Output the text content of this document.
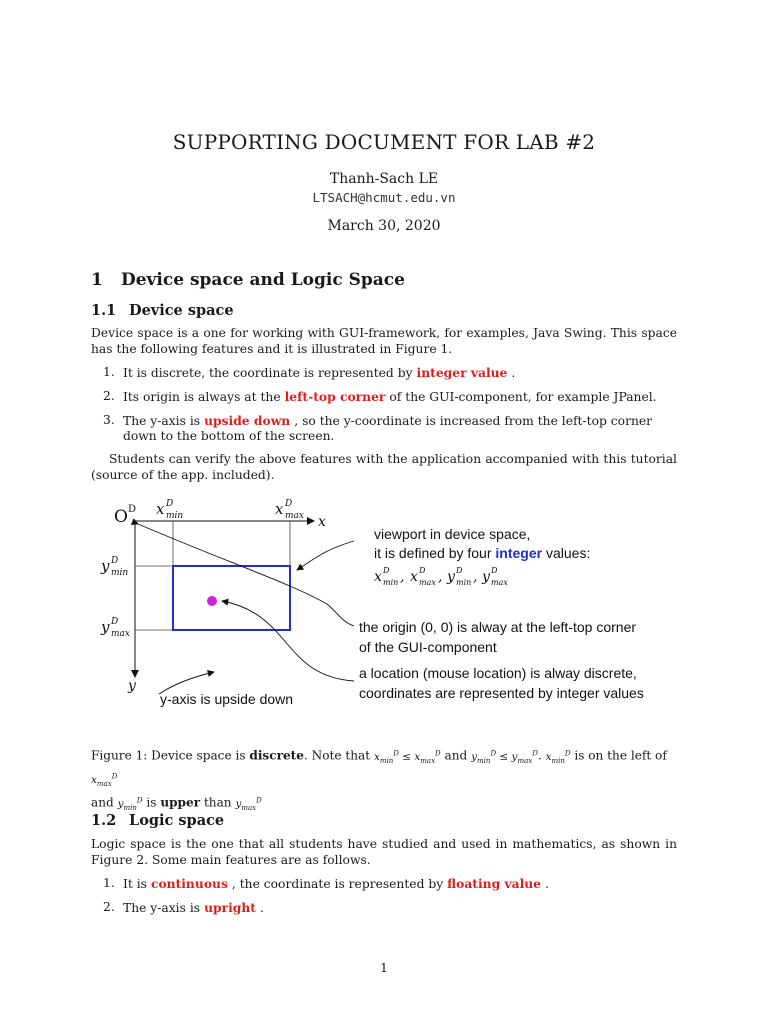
SUPPORTING DOCUMENT FOR LAB #2
Thanh-Sach LE
LTSACH@hcmut.edu.vn
March 30, 2020
1 Device space and Logic Space
1.1 Device space
Device space is a one for working with GUI-framework, for examples, Java Swing. This space has the following features and it is illustrated in Figure 1.
1. It is discrete, the coordinate is represented by integer value .
2. Its origin is always at the left-top corner of the GUI-component, for example JPanel.
3. The y-axis is upside down , so the y-coordinate is increased from the left-top corner down to the bottom of the screen.
Students can verify the above features with the application accompanied with this tutorial (source of the app. included).
O D x D
min	x D
max x
y D
min
y D
max
y
viewport in device space,
it is defined by four integer values:
x D
min , x D
max , y D
min , y D
max
the origin (0, 0) is alway at the left-top corner
of the GUI-component
a location (mouse location) is alway discrete,
coordinates are represented by integer values
y-axis is upside down
Figure 1: Device space is discrete. Note that $x_{min}^D \le x_{max}^D$ and $y_{min}^D \le y_{max}^D$. $x_{min}^D$ is on the left of $x_{max}^D$
and $y_{min}^D$ is upper than $y_{max}^D$
1.2 Logic space
Logic space is the one that all students have studied and used in mathematics, as shown in Figure 2. Some main features are as follows.
1. It is continuous , the coordinate is represented by floating value .
2. The y-axis is upright .
1
